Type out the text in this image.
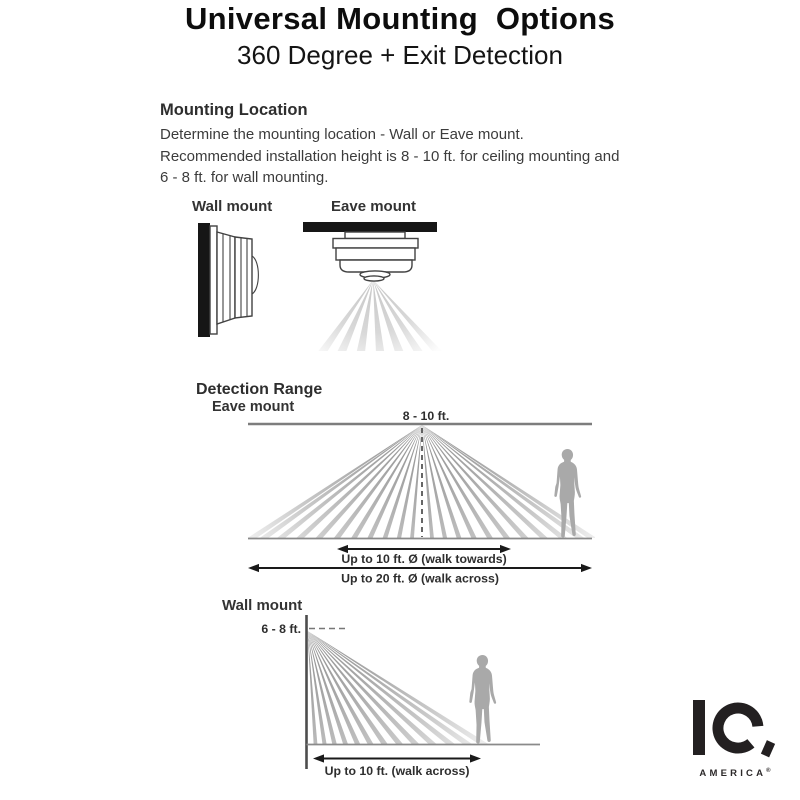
Universal Mounting  Options
360 Degree + Exit Detection
Mounting Location
Determine the mounting location - Wall or Eave mount.
Recommended installation height is 8 - 10 ft. for ceiling mounting and
6 - 8 ft. for wall mounting.
Wall mount	Eave mount
Detection Range
Eave mount
8 - 10 ft.
Up to 10 ft. Ø (walk towards)
Up to 20 ft. Ø (walk across)
Wall mount
6 - 8 ft.
Up to 10 ft. (walk across)	AMERICA®
